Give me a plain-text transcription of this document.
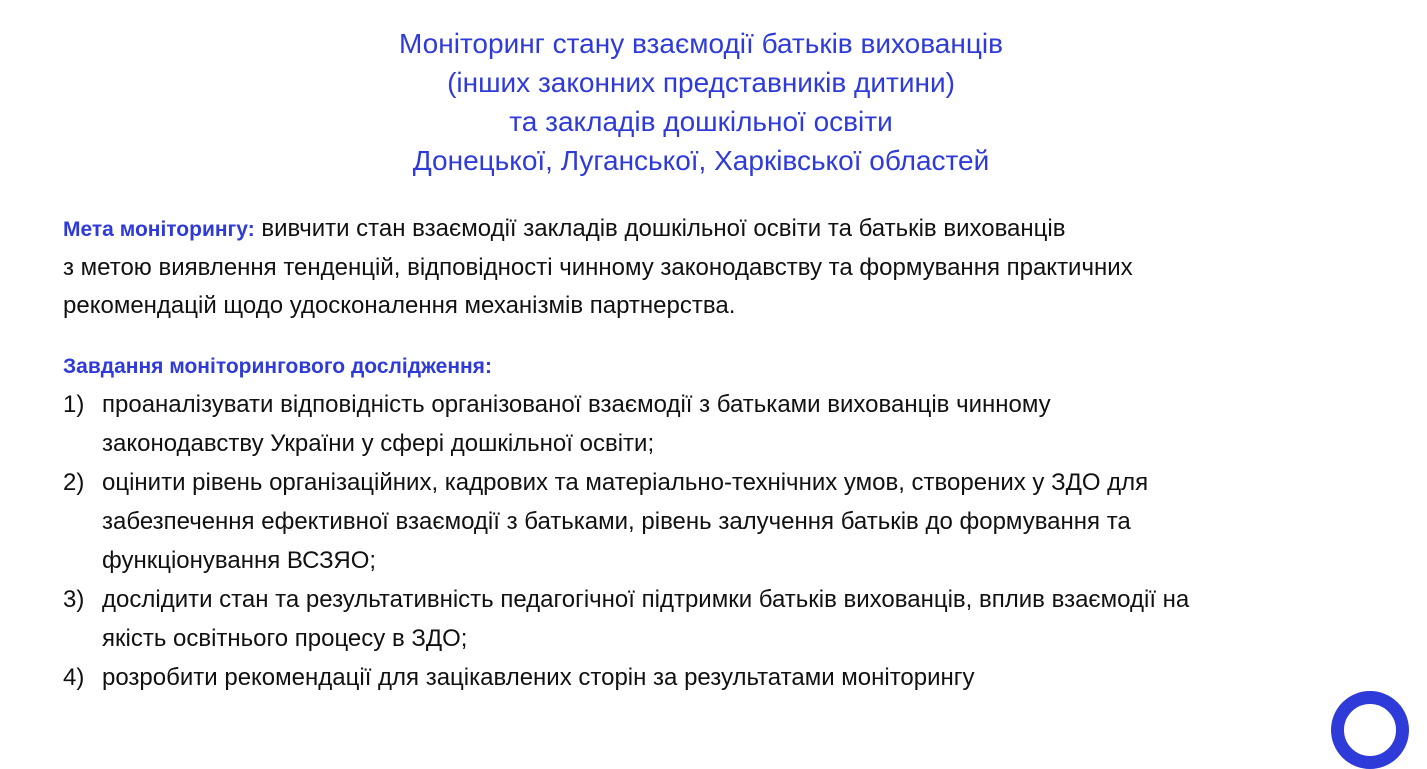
Моніторинг стану взаємодії батьків вихованців
(інших законних представників дитини)
та закладів дошкільної освіти
Донецької, Луганської, Харківської областей
Мета моніторингу: вивчити стан взаємодії закладів дошкільної освіти та батьків вихованців
з метою виявлення тенденцій, відповідності чинному законодавству та формування практичних
рекомендацій щодо удосконалення механізмів партнерства.
Завдання моніторингового дослідження:
1) проаналізувати відповідність організованої взаємодії з батьками вихованців чинному
законодавству України у сфері дошкільної освіти;
2) оцінити рівень організаційних, кадрових та матеріально-технічних умов, створених у ЗДО для
забезпечення ефективної взаємодії з батьками, рівень залучення батьків до формування та
функціонування ВСЗЯО;
3) дослідити стан та результативність педагогічної підтримки батьків вихованців, вплив взаємодії на
якість освітнього процесу в ЗДО;
4) розробити рекомендації для зацікавлених сторін за результатами моніторингу
